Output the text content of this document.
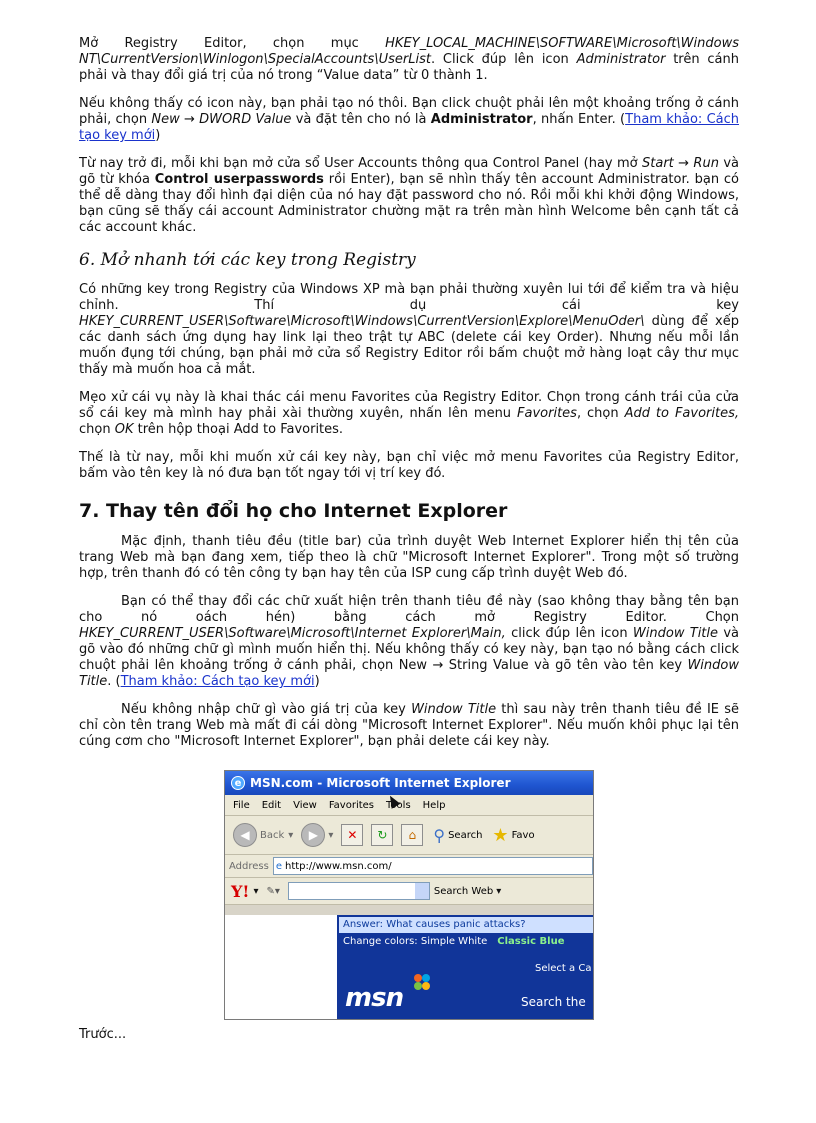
Mở Registry Editor, chọn mục HKEY_LOCAL_MACHINE\SOFTWARE\Microsoft\Windows NT\CurrentVersion\Winlogon\SpecialAccounts\UserList. Click đúp lên icon Administrator trên cánh phải và thay đổi giá trị của nó trong “Value data” từ 0 thành 1.

Nếu không thấy có icon này, bạn phải tạo nó thôi. Bạn click chuột phải lên một khoảng trống ở cánh phải, chọn New → DWORD Value và đặt tên cho nó là Administrator, nhấn Enter. (Tham khảo: Cách tạo key mới)

Từ nay trở đi, mỗi khi bạn mở cửa sổ User Accounts thông qua Control Panel (hay mở Start → Run và gõ từ khóa Control userpasswords rồi Enter), bạn sẽ nhìn thấy tên account Administrator. bạn có thể dễ dàng thay đổi hình đại diện của nó hay đặt password cho nó. Rồi mỗi khi khởi động Windows, bạn cũng sẽ thấy cái account Administrator chường mặt ra trên màn hình Welcome bên cạnh tất cả các account khác.

6. Mở nhanh tới các key trong Registry

Có những key trong Registry của Windows XP mà bạn phải thường xuyên lui tới để kiểm tra và hiệu chỉnh. Thí dụ cái key HKEY_CURRENT_USER\Software\Microsoft\Windows\CurrentVersion\Explore\MenuOder\ dùng để xếp các danh sách ứng dụng hay link lại theo trật tự ABC (delete cái key Order). Nhưng nếu mỗi lần muốn đụng tới chúng, bạn phải mở cửa sổ Registry Editor rồi bấm chuột mở hàng loạt cây thư mục thấy mà muốn hoa cả mắt.

Mẹo xử cái vụ này là khai thác cái menu Favorites của Registry Editor. Chọn trong cánh trái của cửa sổ cái key mà mình hay phải xài thường xuyên, nhấn lên menu Favorites, chọn Add to Favorites, chọn OK trên hộp thoại Add to Favorites.

Thế là từ nay, mỗi khi muốn xử cái key này, bạn chỉ việc mở menu Favorites của Registry Editor, bấm vào tên key là nó đưa bạn tốt ngay tới vị trí key đó.

7. Thay tên đổi họ cho Internet Explorer

Mặc định, thanh tiêu đều (title bar) của trình duyệt Web Internet Explorer hiển thị tên của trang Web mà bạn đang xem, tiếp theo là chữ "Microsoft Internet Explorer". Trong một số trường hợp, trên thanh đó có tên công ty bạn hay tên của ISP cung cấp trình duyệt Web đó.

Bạn có thể thay đổi các chữ xuất hiện trên thanh tiêu đề này (sao không thay bằng tên bạn cho nó oách hén) bằng cách mở Registry Editor. Chọn HKEY_CURRENT_USER\Software\Microsoft\Internet Explorer\Main, click đúp lên icon Window Title và gõ vào đó những chữ gì mình muốn hiển thị. Nếu không thấy có key này, bạn tạo nó bằng cách click chuột phải lên khoảng trống ở cánh phải, chọn New → String Value và gõ tên vào tên key Window Title. (Tham khảo: Cách tạo key mới)

Nếu không nhập chữ gì vào giá trị của key Window Title thì sau này trên thanh tiêu đề IE sẽ chỉ còn tên trang Web mà mất đi cái dòng "Microsoft Internet Explorer". Nếu muốn khôi phục lại tên cúng cơm cho "Microsoft Internet Explorer", bạn phải delete cái key này.

e MSN.com - Microsoft Internet Explorer
File Edit View Favorites Tools Help
◀	Back ▾	▶	▾	✕	↻	⌂	⚲ Search ★ Favo
Address e http://www.msn.com/
Y! ▾ ✎▾	Search Web ▾
Answer: What causes panic attacks?
Change colors: Simple White Classic Blue
Select a Ca
msn	Search the
Trước...
